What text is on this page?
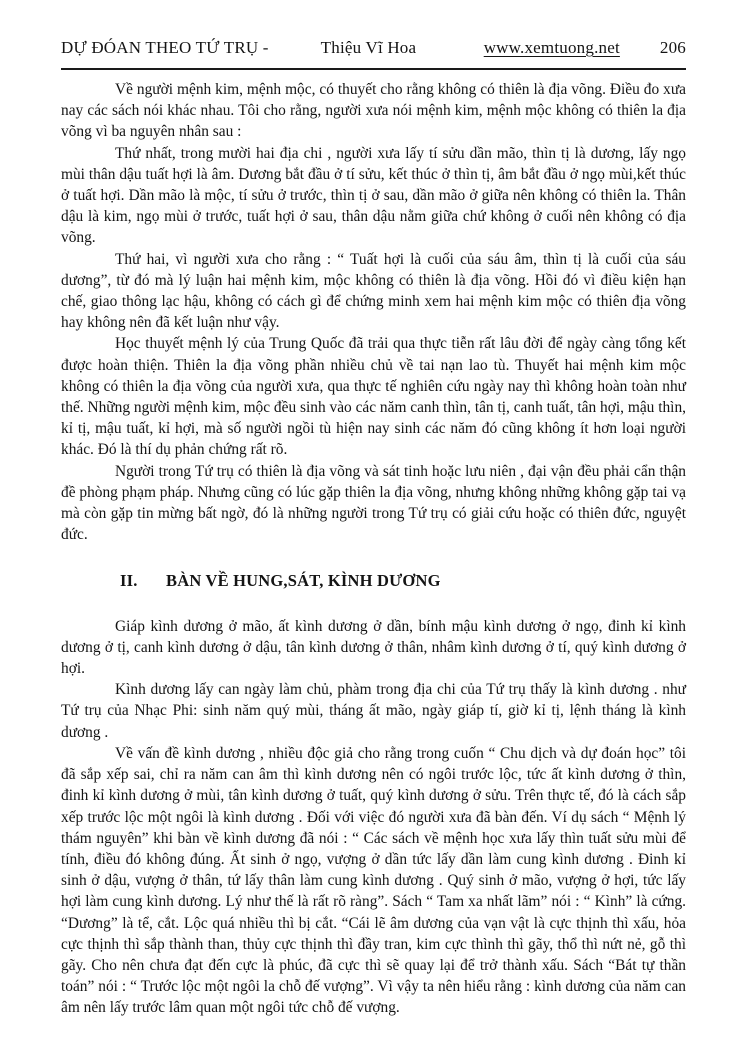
DỰ ĐÓAN THEO TỨ TRỤ -	Thiệu Vĩ Hoa	www.xemtuong.net 206

Về người mệnh kim, mệnh mộc, có thuyết cho rằng không có thiên là địa võng. Điều đo xưa nay các sách nói khác nhau. Tôi cho rằng, người xưa nói mệnh kim, mệnh mộc không có thiên la địa võng vì ba nguyên nhân sau :

Thứ nhất, trong mười hai địa chi , người xưa lấy tí sửu dần mão, thìn tị là dương, lấy ngọ mùi thân dậu tuất hợi là âm. Dương bắt đầu ở tí sửu, kết thúc ở thìn tị, âm bắt đầu ở ngọ mùi,kết thúc ở tuất hợi. Dần mão là mộc, tí sửu ở trước, thìn tị ở sau, dần mão ở giữa nên không có thiên la. Thân dậu là kim, ngọ mùi ở trước, tuất hợi ở sau, thân dậu nằm giữa chứ không ở cuối nên không có địa võng.

Thứ hai, vì người xưa cho rằng : “ Tuất hợi là cuối của sáu âm, thìn tị là cuối của sáu dương”, từ đó mà lý luận hai mệnh kim, mộc không có thiên là địa võng. Hồi đó vì điều kiện hạn chế, giao thông lạc hậu, không có cách gì để chứng minh xem hai mệnh kim mộc có thiên địa võng hay không nên đã kết luận như vậy.

Học thuyết mệnh lý của Trung Quốc đã trải qua thực tiễn rất lâu đời để ngày càng tổng kết được hoàn thiện. Thiên la địa võng phần nhiều chủ về tai nạn lao tù. Thuyết hai mệnh kim mộc không có thiên la địa võng của người xưa, qua thực tế nghiên cứu ngày nay thì không hoàn toàn như thế. Những người mệnh kim, mộc đều sinh vào các năm canh thìn, tân tị, canh tuất, tân hợi, mậu thìn, kỉ tị, mậu tuất, kỉ hợi, mà số người ngồi tù hiện nay sinh các năm đó cũng không ít hơn loại người khác. Đó là thí dụ phản chứng rất rõ.

Người trong Tứ trụ có thiên là địa võng và sát tinh hoặc lưu niên , đại vận đều phải cẩn thận đề phòng phạm pháp. Nhưng cũng có lúc gặp thiên la địa võng, nhưng không những không gặp tai vạ mà còn gặp tin mừng bất ngờ, đó là những người trong Tứ trụ có giải cứu hoặc có thiên đức, nguyệt đức.

II.	BÀN VỀ HUNG,SÁT, KÌNH DƯƠNG

Giáp kình dương ở mão, ất kình dương ở dần, bính mậu kình dương ở ngọ, đinh kỉ kình dương ở tị, canh kình dương ở dậu, tân kình dương ở thân, nhâm kình dương ở tí, quý kình dương ở hợi.

Kình dương lấy can ngày làm chủ, phàm trong địa chi của Tứ trụ thấy là kình dương . như Tứ trụ của Nhạc Phi: sinh năm quý mùi, tháng ất mão, ngày giáp tí, giờ kỉ tị, lệnh tháng là kình dương .

Về vấn đề kình dương , nhiều độc giả cho rằng trong cuốn “ Chu dịch và dự đoán học” tôi đã sắp xếp sai, chỉ ra năm can âm thì kình dương nên có ngôi trước lộc, tức ất kình dương ở thìn, đinh kỉ kình dương ở mùi, tân kình dương ở tuất, quý kình dương ở sửu. Trên thực tế, đó là cách sắp xếp trước lộc một ngôi là kình dương . Đối với việc đó người xưa đã bàn đến. Ví dụ sách “ Mệnh lý thám nguyên” khi bàn về kình dương đã nói : “ Các sách về mệnh học xưa lấy thìn tuất sửu mùi để tính, điều đó không đúng. Ất sinh ở ngọ, vượng ở dần tức lấy dần làm cung kình dương . Đinh kỉ sinh ở dậu, vượng ở thân, tứ lấy thân làm cung kình dương . Quý sinh ở mão, vượng ở hợi, tức lấy hợi làm cung kình dương. Lý như thế là rất rõ ràng”. Sách “ Tam xa nhất lãm” nói : “ Kình” là cứng. “Dương” là tể, cắt. Lộc quá nhiều thì bị cắt. “Cái lẽ âm dương của vạn vật là cực thịnh thì xấu, hỏa cực thịnh thì sắp thành than, thủy cực thịnh thì đầy tran, kim cực thình thì gãy, thổ thì nứt nẻ, gỗ thì gãy. Cho nên chưa đạt đến cực là phúc, đã cực thì sẽ quay lại để trở thành xấu. Sách “Bát tự thần toán” nói : “ Trước lộc một ngôi la chỗ đế vượng”. Vì vậy ta nên hiểu rằng : kình dương của năm can âm nên lấy trước lâm quan một ngôi tức chỗ đế vượng.
